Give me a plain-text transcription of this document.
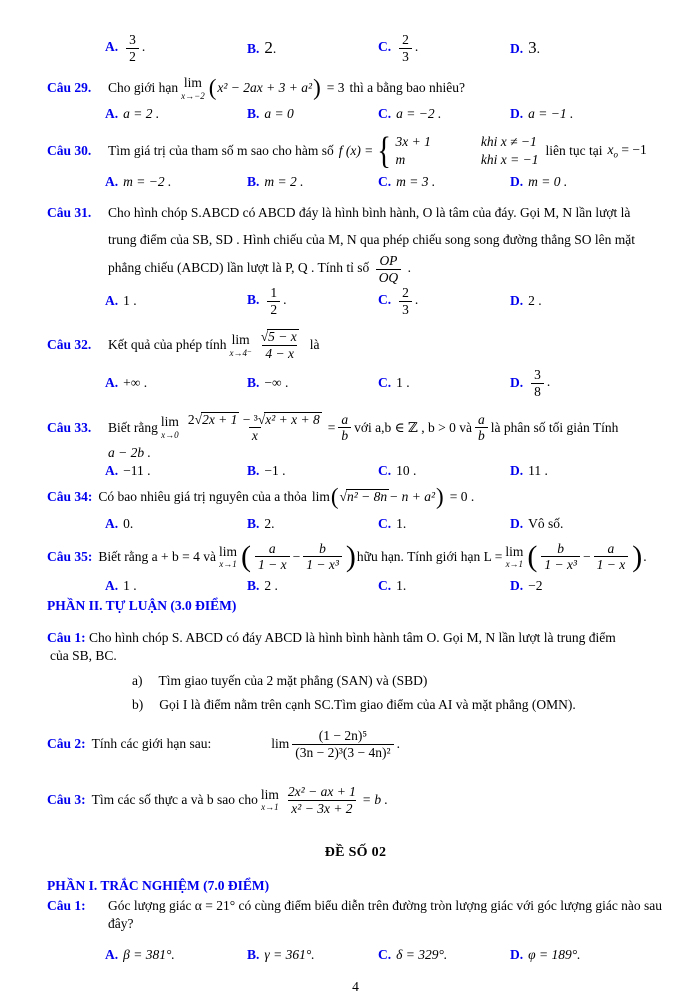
A. $\frac{3}{2}$ .	B. 2.	C. $\frac{2}{3}$ .	D. 3.
Câu 29.	Cho giới hạn lim
x→−2 ( x² − 2ax + 3 + a² ) = 3 thì a bằng bao nhiêu?
A. a = 2 .	B. a = 0	C. a = −2 .	D. a = −1 .
Câu 30.	Tìm giá trị của tham số m sao cho hàm số f (x) = { 3x + 1	khi x ≠ −1
m	khi x = −1
liên tục tại $x_o = -1$
A. m = −2 .	B. m = 2 .	C. m = 3 .	D. m = 0 .
Câu 31. Cho hình chóp S.ABCD có ABCD đáy là hình bình hành, O là tâm của đáy. Gọi M, N lần lượt là
trung điểm của SB, SD . Hình chiếu của M, N qua phép chiếu song song đường thẳng SO lên mặt
phẳng chiếu (ABCD) lần lượt là P, Q . Tính tỉ số $\frac{OP}{OQ}$ .
A. 1 .	B. $\frac{1}{2}$ .	C. $\frac{2}{3}$ .	D. 2 .
Câu 32.	Kết quả của phép tính lim
$x\to 4^- \frac{√5 - x}{4 - x}$ là
A. +∞ .	B. −∞ .	C. 1 .	D. $\frac{3}{8}$ .
Câu 33.	Biết rằng lim
$x\to 0 \frac{\text{2√2x + 1 − ³√x² + x + 8}}{x} = \frac{a}{b}$ với a,b ∈ ℤ , b > 0 và $\frac{a}{b}$ là phân số tối giản Tính
a − 2b .
A. −11 .	B. −1 .	C. 10 .	D. 11 .
Câu 34: Có bao nhiêu giá trị nguyên của a thỏa lim ( √n² − 8n − n + a² ) = 0 .
A. 0.	B. 2.	C. 1.	D. Vô số.
Câu 35: Biết rằng a + b = 4 và lim
x→1 ( $\frac{a}{1 - x} - \frac{b}{\text{1 − x³}}$ ) hữu hạn. Tính giới hạn L = lim
x→1 ( $\frac{b}{\text{1 − x³}} - \frac{a}{1 - x}$ ) .
A. 1 .	B. 2 .	C. 1.	D. −2
PHẦN II. TỰ LUẬN (3.0 ĐIỂM)
Câu 1: Cho hình chóp S. ABCD có đáy ABCD là hình bình hành tâm O. Gọi M, N lần lượt là trung điểm
của SB, BC.
a) Tìm giao tuyến của 2 mặt phẳng (SAN) và (SBD)
b) Gọi I là điểm nằm trên cạnh SC.Tìm giao điểm của AI và mặt phẳng (OMN).
Câu 2: Tính các giới hạn sau:	$\lim \frac{\text{(1 − 2n)⁵}}{\text{(3n − 2)³(3 − 4n)²}}$ .
Câu 3: Tìm các số thực a và b sao cho lim
$x\to 1 \frac{\text{2x² − ax + 1}}{\text{x² − 3x + 2}} = b$ .
ĐỀ SỐ 02
PHẦN I. TRẮC NGHIỆM (7.0 ĐIỂM)
Câu 1: Góc lượng giác α = 21° có cùng điểm biểu diễn trên đường tròn lượng giác với góc lượng giác nào sau
đây?
A. β = 381°.	B. γ = 361°.	C. δ = 329°.	D. φ = 189°.
4
